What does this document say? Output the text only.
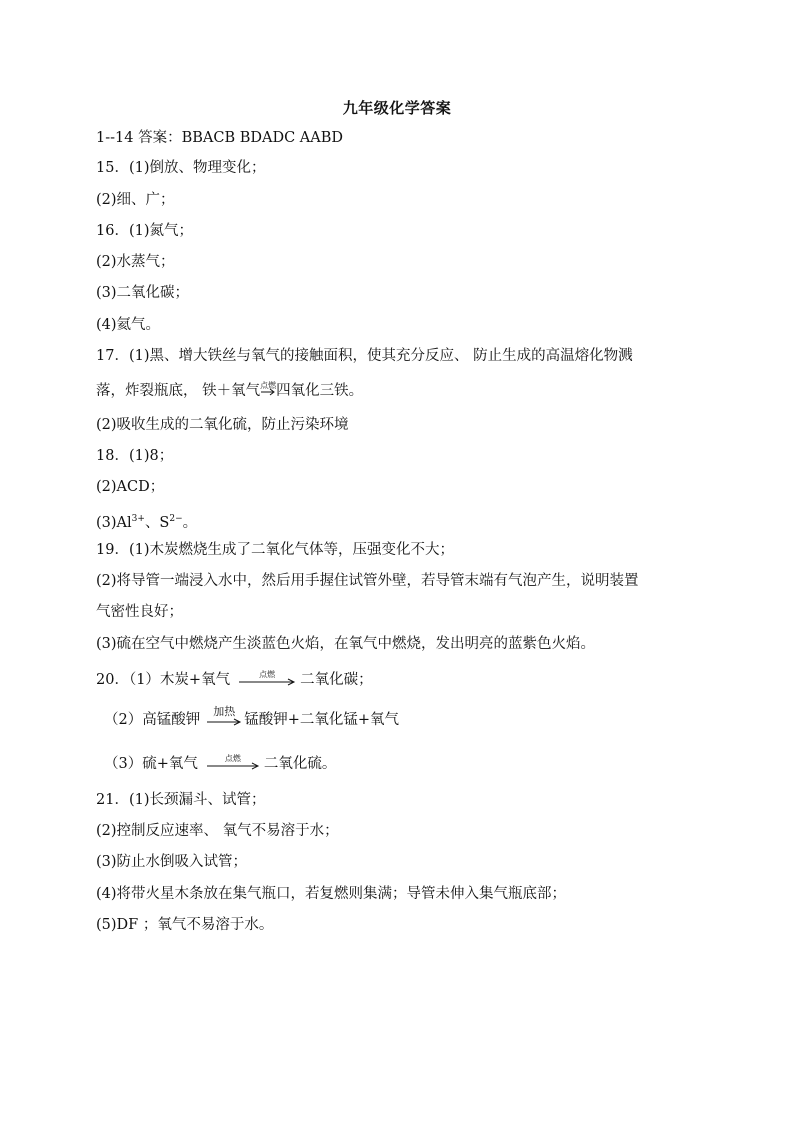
九年级化学答案
1--14 答案：BBACB BDADC AABD
15．(1)倒放、物理变化；
(2)细、广；
16．(1)氮气；
(2)水蒸气；
(3)二氧化碳；
(4)氦气。
17．(1)黑、增大铁丝与氧气的接触面积，使其充分反应、 防止生成的高温熔化物溅
落，炸裂瓶底， 铁＋氧气 点燃 四氧化三铁。
(2)吸收生成的二氧化硫，防止污染环境
18．(1)8；
(2)ACD；
$(3)Al^{3+}$、$S^{2-}$。
19．(1)木炭燃烧生成了二氧化气体等，压强变化不大；
(2)将导管一端浸入水中，然后用手握住试管外壁，若导管末端有气泡产生，说明装置
气密性良好；
(3)硫在空气中燃烧产生淡蓝色火焰，在氧气中燃烧，发出明亮的蓝紫色火焰。
20．（1）木炭+氧气	点燃	二氧化碳；
（2）高锰酸钾
加热
锰酸钾+二氧化锰+氧气
（3）硫+氧气	点燃	二氧化硫。
21．(1)长颈漏斗、试管；
(2)控制反应速率、 氧气不易溶于水；
(3)防止水倒吸入试管；
(4)将带火星木条放在集气瓶口，若复燃则集满；导管未伸入集气瓶底部；
(5)DF ；氧气不易溶于水。
